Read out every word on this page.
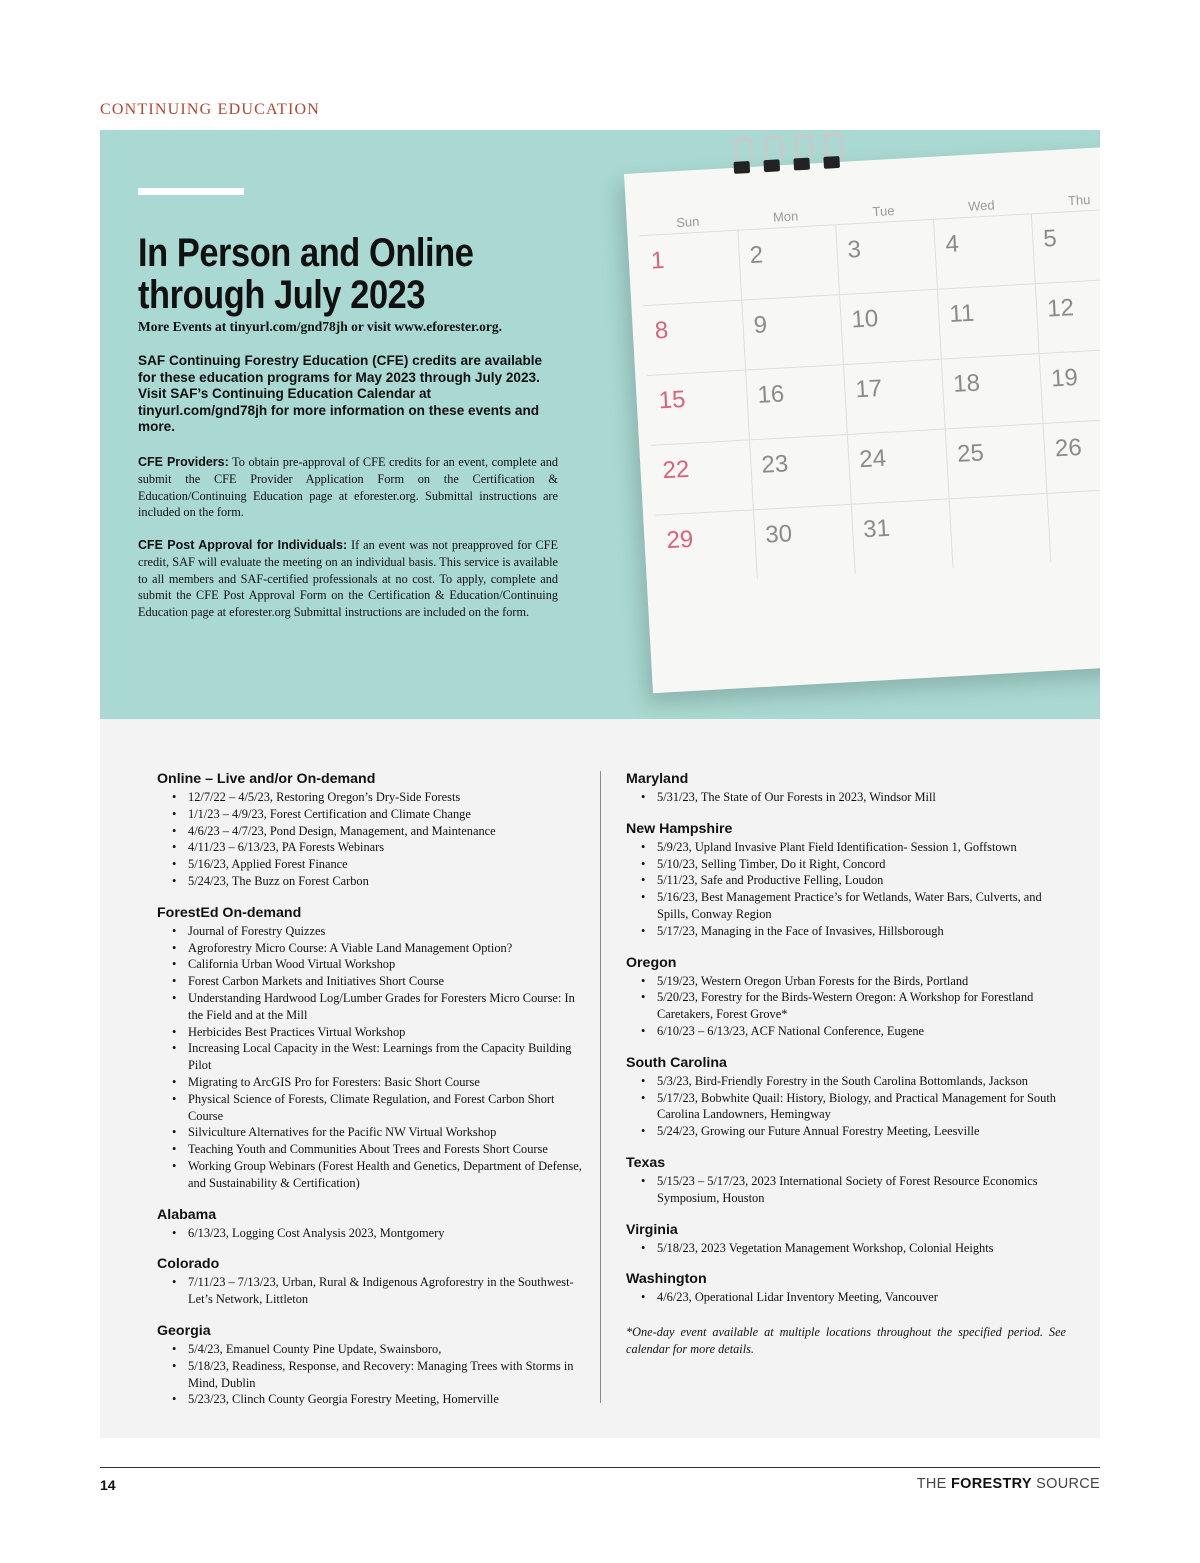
CONTINUING EDUCATION
In Person and Online through July 2023
More Events at tinyurl.com/gnd78jh or visit www.eforester.org.
SAF Continuing Forestry Education (CFE) credits are available for these education programs for May 2023 through July 2023. Visit SAF’s Continuing Education Calendar at tinyurl.com/gnd78jh for more information on these events and more.
CFE Providers: To obtain pre-approval of CFE credits for an event, complete and submit the CFE Provider Application Form on the Certification & Education/Continuing Education page at eforester.org. Submittal instructions are included on the form.
CFE Post Approval for Individuals: If an event was not preapproved for CFE credit, SAF will evaluate the meeting on an individual basis. This service is available to all members and SAF-certified professionals at no cost. To apply, complete and submit the CFE Post Approval Form on the Certification & Education/Continuing Education page at eforester.org Submittal instructions are included on the form.
Sun	Mon	Tue	Wed	Thu
1	2	3	4	5
8	9	10	11	12
15	16	17	18	19
22	23	24	25	26
29	30	31
Online – Live and/or On-demand
• 12/7/22 – 4/5/23, Restoring Oregon’s Dry-Side Forests
• 1/1/23 – 4/9/23, Forest Certification and Climate Change
• 4/6/23 – 4/7/23, Pond Design, Management, and Maintenance
• 4/11/23 – 6/13/23, PA Forests Webinars
• 5/16/23, Applied Forest Finance
• 5/24/23, The Buzz on Forest Carbon
ForestEd On-demand
• Journal of Forestry Quizzes
• Agroforestry Micro Course: A Viable Land Management Option?
• California Urban Wood Virtual Workshop
• Forest Carbon Markets and Initiatives Short Course
• Understanding Hardwood Log/Lumber Grades for Foresters Micro Course: In the Field and at the Mill
• Herbicides Best Practices Virtual Workshop
• Increasing Local Capacity in the West: Learnings from the Capacity Building Pilot
• Migrating to ArcGIS Pro for Foresters: Basic Short Course
• Physical Science of Forests, Climate Regulation, and Forest Carbon Short Course
• Silviculture Alternatives for the Pacific NW Virtual Workshop
• Teaching Youth and Communities About Trees and Forests Short Course
• Working Group Webinars (Forest Health and Genetics, Department of Defense, and Sustainability & Certification)
Alabama
• 6/13/23, Logging Cost Analysis 2023, Montgomery
Colorado
• 7/11/23 – 7/13/23, Urban, Rural & Indigenous Agroforestry in the Southwest- Let’s Network, Littleton
Georgia
• 5/4/23, Emanuel County Pine Update, Swainsboro,
• 5/18/23, Readiness, Response, and Recovery: Managing Trees with Storms in Mind, Dublin
• 5/23/23, Clinch County Georgia Forestry Meeting, Homerville
Maryland
• 5/31/23, The State of Our Forests in 2023, Windsor Mill
New Hampshire
• 5/9/23, Upland Invasive Plant Field Identification- Session 1, Goffstown
• 5/10/23, Selling Timber, Do it Right, Concord
• 5/11/23, Safe and Productive Felling, Loudon
• 5/16/23, Best Management Practice’s for Wetlands, Water Bars, Culverts, and Spills, Conway Region
• 5/17/23, Managing in the Face of Invasives, Hillsborough
Oregon
• 5/19/23, Western Oregon Urban Forests for the Birds, Portland
• 5/20/23, Forestry for the Birds-Western Oregon: A Workshop for Forestland Caretakers, Forest Grove*
• 6/10/23 – 6/13/23, ACF National Conference, Eugene
South Carolina
• 5/3/23, Bird-Friendly Forestry in the South Carolina Bottomlands, Jackson
• 5/17/23, Bobwhite Quail: History, Biology, and Practical Management for South Carolina Landowners, Hemingway
• 5/24/23, Growing our Future Annual Forestry Meeting, Leesville
Texas
• 5/15/23 – 5/17/23, 2023 International Society of Forest Resource Economics Symposium, Houston
Virginia
• 5/18/23, 2023 Vegetation Management Workshop, Colonial Heights
Washington
• 4/6/23, Operational Lidar Inventory Meeting, Vancouver
*One-day event available at multiple locations throughout the specified period. See calendar for more details.
14	THE FORESTRY SOURCE
